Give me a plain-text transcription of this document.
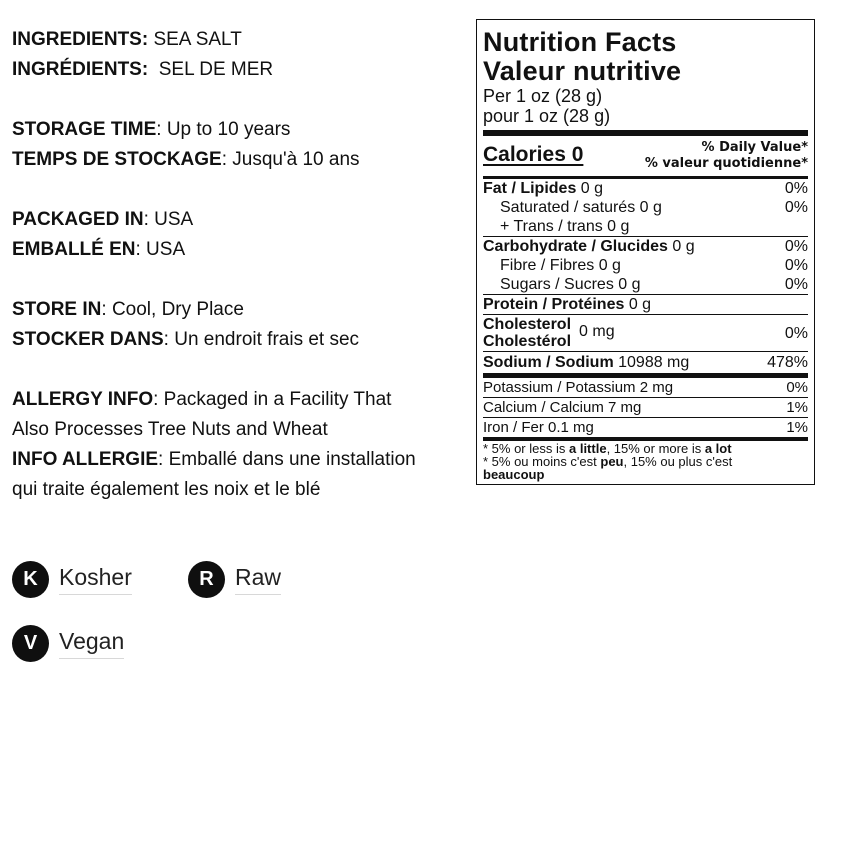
INGREDIENTS: SEA SALT
INGRÉDIENTS:  SEL DE MER
STORAGE TIME: Up to 10 years
TEMPS DE STOCKAGE: Jusqu'à 10 ans
PACKAGED IN: USA
EMBALLÉ EN: USA
STORE IN: Cool, Dry Place
STOCKER DANS: Un endroit frais et sec
ALLERGY INFO: Packaged in a Facility That
Also Processes Tree Nuts and Wheat
INFO ALLERGIE: Emballé dans une installation
qui traite également les noix et le blé
K Kosher	R Raw
V Vegan
Nutrition Facts
Valeur nutritive
Per 1 oz (28 g)
pour 1 oz (28 g)
Calories 0	% Daily Value*
% valeur quotidienne*
Fat / Lipides 0 g	0%
Saturated / saturés 0 g	0%
+ Trans / trans 0 g
Carbohydrate / Glucides 0 g	0%
Fibre / Fibres 0 g	0%
Sugars / Sucres 0 g	0%
Protein / Protéines 0 g
Cholesterol
Cholestérol
0 mg	0%
Sodium / Sodium 10988 mg	478%
Potassium / Potassium 2 mg	0%
Calcium / Calcium 7 mg	1%
Iron / Fer 0.1 mg	1%
* 5% or less is a little, 15% or more is a lot
* 5% ou moins c'est peu, 15% ou plus c'est
beaucoup
